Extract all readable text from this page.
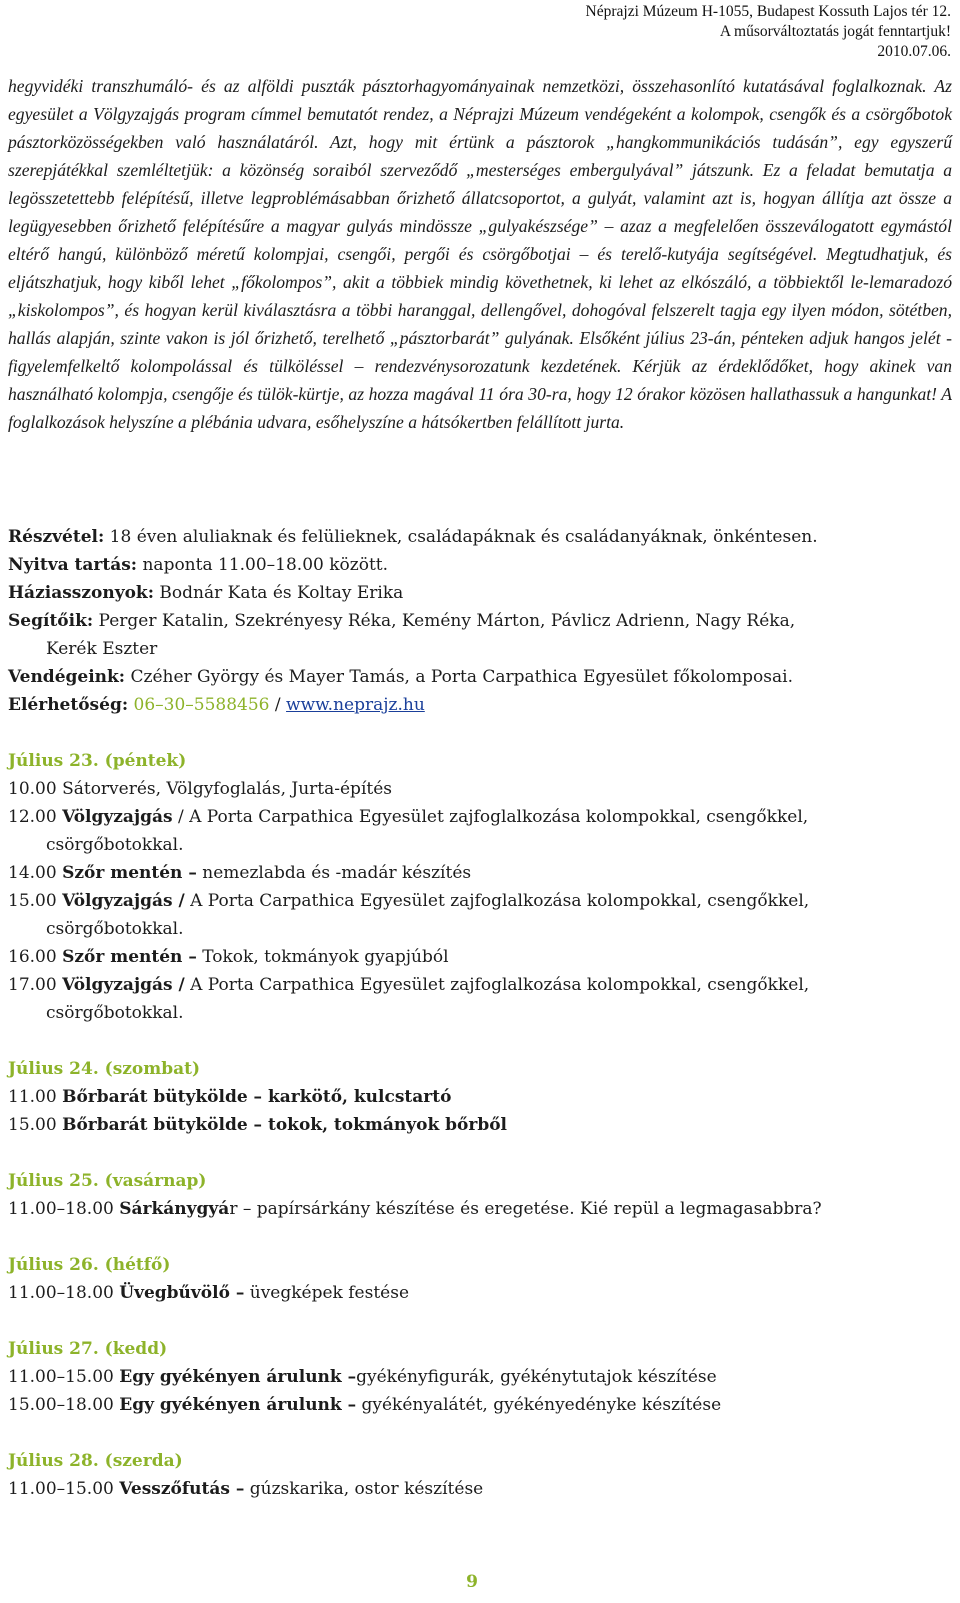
Néprajzi Múzeum H-1055, Budapest Kossuth Lajos tér 12.
A műsorváltoztatás jogát fenntartjuk!
2010.07.06.
hegyvidéki transzhumáló- és az alföldi puszták pásztorhagyományainak nemzetközi, összehasonlító kutatásával foglalkoznak. Az egyesület a Völgyzajgás program címmel bemutatót rendez, a Néprajzi Múzeum vendégeként a kolompok, csengők és a csörgőbotok pásztorközösségekben való használatáról. Azt, hogy mit értünk a pásztorok „hangkommunikációs tudásán”, egy egyszerű szerepjátékkal szemléltetjük: a közönség soraiból szerveződő „mesterséges embergulyával” játszunk. Ez a feladat bemutatja a legösszetettebb felépítésű, illetve legproblémásabban őrizhető állatcsoportot, a gulyát, valamint azt is, hogyan állítja azt össze a legügyesebben őrizhető felépítésűre a magyar gulyás mindössze „gulyakészsége” – azaz a megfelelően összeválogatott egymástól eltérő hangú, különböző méretű kolompjai, csengői, pergői és csörgőbotjai – és terelő-kutyája segítségével. Megtudhatjuk, és eljátszhatjuk, hogy kiből lehet „főkolompos”, akit a többiek mindig követhetnek, ki lehet az elkószáló, a többiektől le-lemaradozó „kiskolompos”, és hogyan kerül kiválasztásra a többi haranggal, dellengővel, dohogóval felszerelt tagja egy ilyen módon, sötétben, hallás alapján, szinte vakon is jól őrizhető, terelhető „pásztorbarát” gulyának. Elsőként július 23-án, pénteken adjuk hangos jelét - figyelemfelkeltő kolompolással és tülköléssel – rendezvénysorozatunk kezdetének. Kérjük az érdeklődőket, hogy akinek van használható kolompja, csengője és tülök-kürtje, az hozza magával 11 óra 30-ra, hogy 12 órakor közösen hallathassuk a hangunkat! A foglalkozások helyszíne a plébánia udvara, esőhelyszíne a hátsókertben felállított jurta.
Részvétel: 18 éven aluliaknak és felülieknek, családapáknak és családanyáknak, önkéntesen.
Nyitva tartás: naponta 11.00–18.00 között.
Háziasszonyok: Bodnár Kata és Koltay Erika
Segítőik: Perger Katalin, Szekrényesy Réka, Kemény Márton, Pávlicz Adrienn, Nagy Réka,
Kerék Eszter
Vendégeink: Czéher György és Mayer Tamás, a Porta Carpathica Egyesület főkolomposai.
Elérhetőség: 06–30–5588456 / www.neprajz.hu
Július 23. (péntek)
10.00 Sátorverés, Völgyfoglalás, Jurta-építés
12.00 Völgyzajgás / A Porta Carpathica Egyesület zajfoglalkozása kolompokkal, csengőkkel,
csörgőbotokkal.
14.00 Szőr mentén – nemezlabda és -madár készítés
15.00 Völgyzajgás / A Porta Carpathica Egyesület zajfoglalkozása kolompokkal, csengőkkel,
csörgőbotokkal.
16.00 Szőr mentén – Tokok, tokmányok gyapjúból
17.00 Völgyzajgás / A Porta Carpathica Egyesület zajfoglalkozása kolompokkal, csengőkkel,
csörgőbotokkal.
Július 24. (szombat)
11.00 Bőrbarát bütykölde – karkötő, kulcstartó
15.00 Bőrbarát bütykölde – tokok, tokmányok bőrből
Július 25. (vasárnap)
11.00–18.00 Sárkánygyár – papírsárkány készítése és eregetése. Kié repül a legmagasabbra?
Július 26. (hétfő)
11.00–18.00 Üvegbűvölő – üvegképek festése
Július 27. (kedd)
11.00–15.00 Egy gyékényen árulunk –gyékényfigurák, gyékénytutajok készítése
15.00–18.00 Egy gyékényen árulunk – gyékényalátét, gyékényedényke készítése
Július 28. (szerda)
11.00–15.00 Vesszőfutás – gúzskarika, ostor készítése
9
